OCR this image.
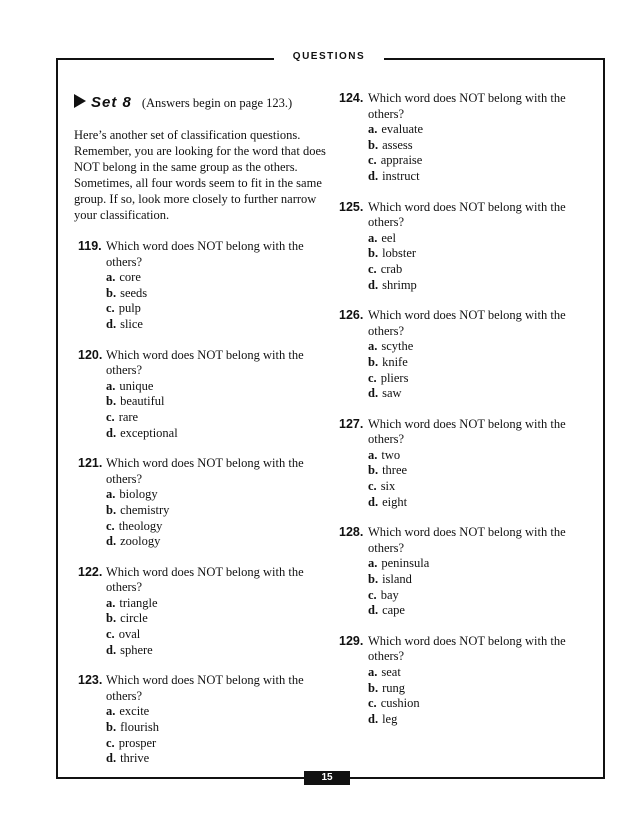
QUESTIONS
Set 8 (Answers begin on page 123.)

Here’s another set of classification questions. Remember, you are looking for the word that does NOT belong in the same group as the others. Sometimes, all four words seem to fit in the same group. If so, look more closely to further narrow your classification.

119. Which word does NOT belong with the others?
a. core
b. seeds
c. pulp
d. slice
120. Which word does NOT belong with the others?
a. unique
b. beautiful
c. rare
d. exceptional
121. Which word does NOT belong with the others?
a. biology
b. chemistry
c. theology
d. zoology
122. Which word does NOT belong with the others?
a. triangle
b. circle
c. oval
d. sphere
123. Which word does NOT belong with the others?
a. excite
b. flourish
c. prosper
d. thrive
124. Which word does NOT belong with the others?
a. evaluate
b. assess
c. appraise
d. instruct
125. Which word does NOT belong with the others?
a. eel
b. lobster
c. crab
d. shrimp
126. Which word does NOT belong with the others?
a. scythe
b. knife
c. pliers
d. saw
127. Which word does NOT belong with the others?
a. two
b. three
c. six
d. eight
128. Which word does NOT belong with the others?
a. peninsula
b. island
c. bay
d. cape
129. Which word does NOT belong with the others?
a. seat
b. rung
c. cushion
d. leg
15
